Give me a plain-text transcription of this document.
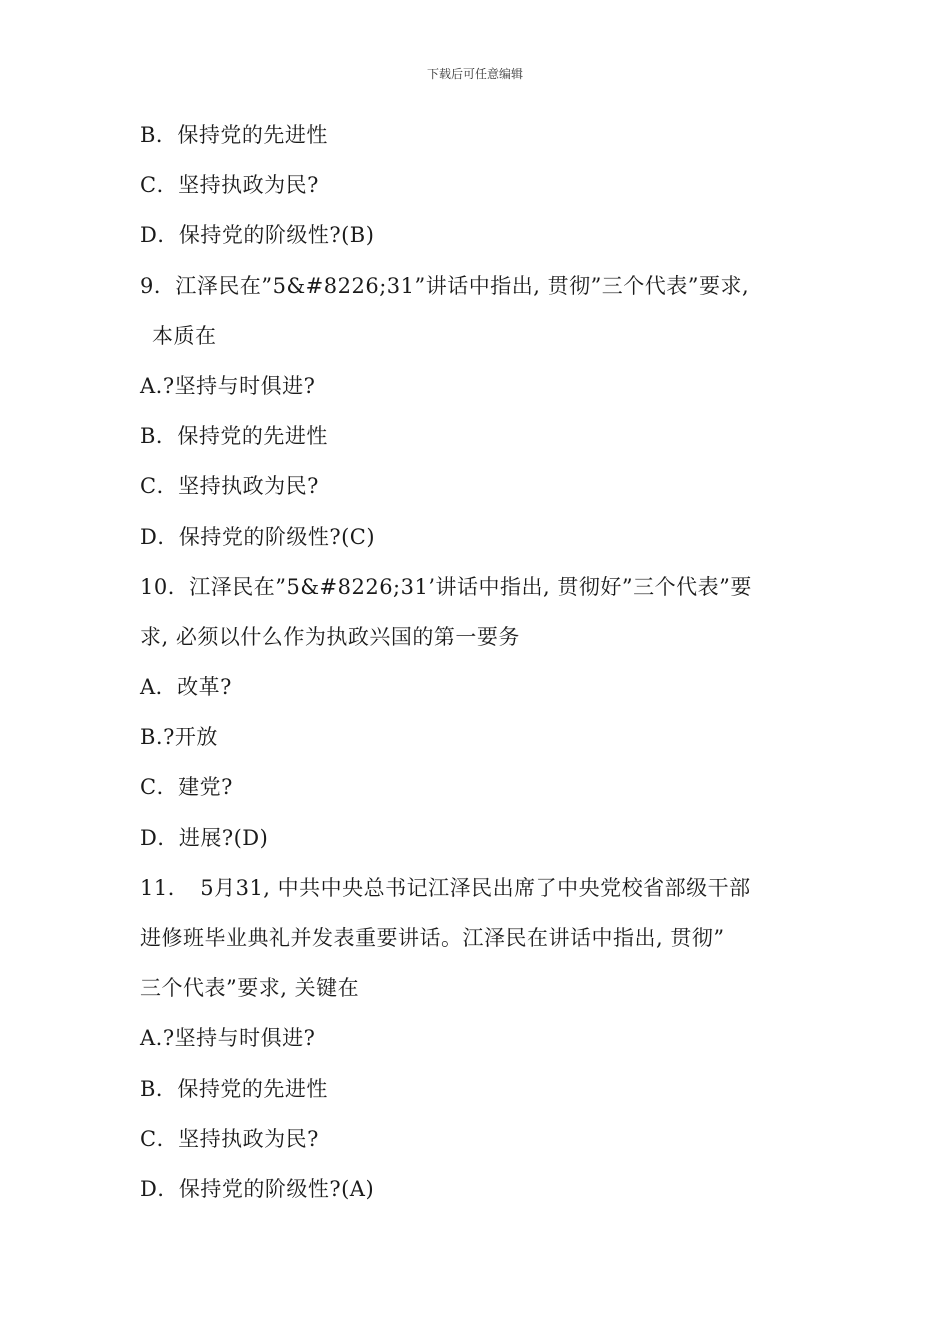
下载后可任意编辑
B．保持党的先进性
C．坚持执政为民?
D．保持党的阶级性?(B)
9．江泽民在”5&#8226;31”讲话中指出, 贯彻”三个代表”要求,
本质在
A.?坚持与时俱进?
B．保持党的先进性
C．坚持执政为民?
D．保持党的阶级性?(C)
10．江泽民在”5&#8226;31’讲话中指出, 贯彻好”三个代表”要
求, 必须以什么作为执政兴国的第一要务
A．改革?
B.?开放
C．建党?
D．进展?(D)
11．　5月31, 中共中央总书记江泽民出席了中央党校省部级干部
进修班毕业典礼并发表重要讲话。江泽民在讲话中指出, 贯彻”
三个代表”要求, 关键在
A.?坚持与时俱进?
B．保持党的先进性
C．坚持执政为民?
D．保持党的阶级性?(A)
